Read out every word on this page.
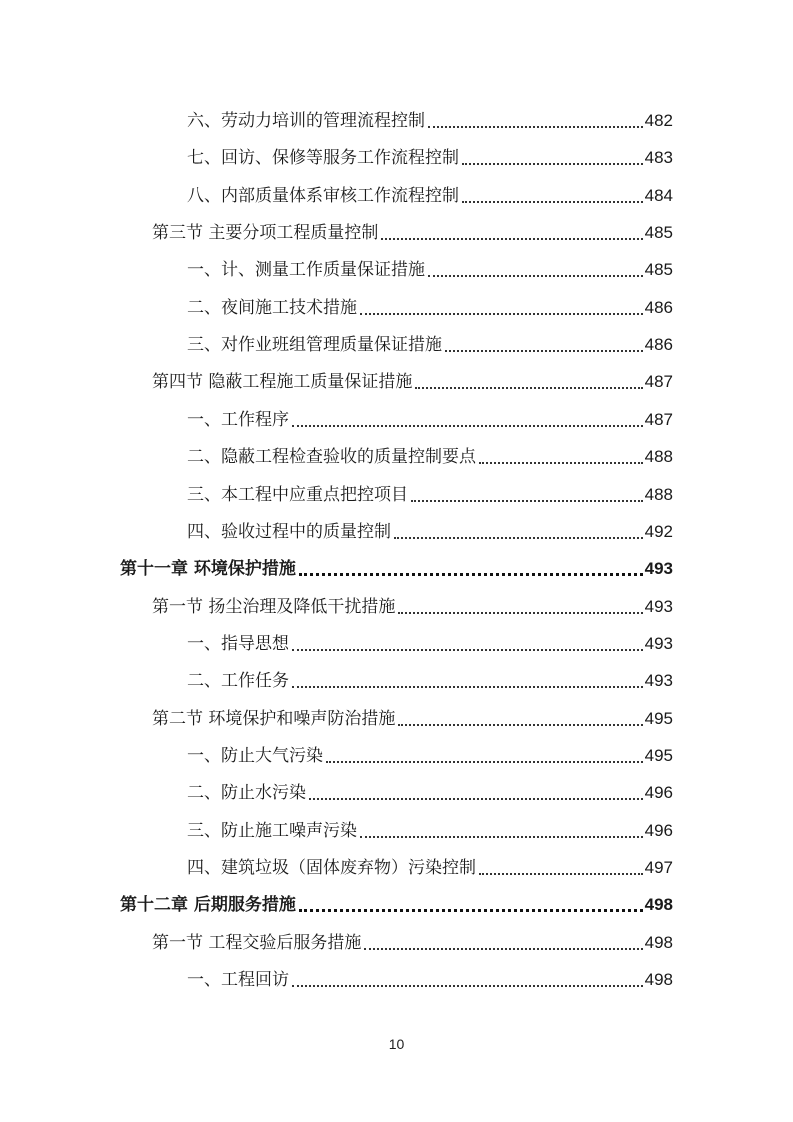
六、劳动力培训的管理流程控制	482
七、回访、保修等服务工作流程控制	483
八、内部质量体系审核工作流程控制	484
第三节 主要分项工程质量控制	485
一、计、测量工作质量保证措施	485
二、夜间施工技术措施	486
三、对作业班组管理质量保证措施	486
第四节 隐蔽工程施工质量保证措施	487
一、工作程序	487
二、隐蔽工程检查验收的质量控制要点	488
三、本工程中应重点把控项目	488
四、验收过程中的质量控制	492
第十一章 环境保护措施	493
第一节 扬尘治理及降低干扰措施	493
一、指导思想	493
二、工作任务	493
第二节 环境保护和噪声防治措施	495
一、防止大气污染	495
二、防止水污染	496
三、防止施工噪声污染	496
四、建筑垃圾（固体废弃物）污染控制	497
第十二章 后期服务措施	498
第一节 工程交验后服务措施	498
一、工程回访	498
10
